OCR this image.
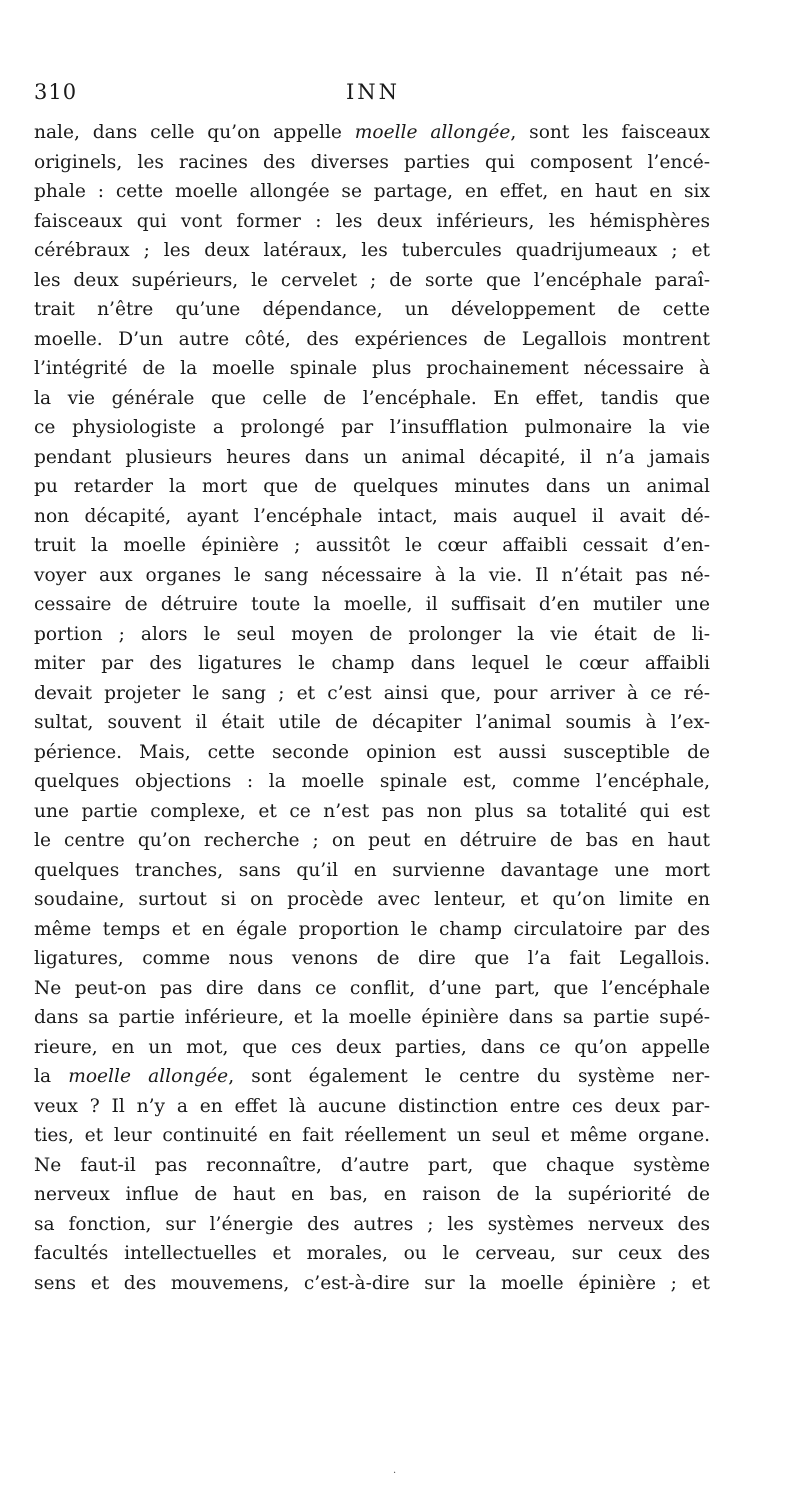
310	INN
nale, dans celle qu’on appelle moelle allongée, sont les faisceaux
originels, les racines des diverses parties qui composent l’encé-
phale : cette moelle allongée se partage, en effet, en haut en six
faisceaux qui vont former : les deux inférieurs, les hémisphères
cérébraux ; les deux latéraux, les tubercules quadrijumeaux ; et
les deux supérieurs, le cervelet ; de sorte que l’encéphale paraî-
trait n’être qu’une dépendance, un développement de cette
moelle. D’un autre côté, des expériences de Legallois montrent
l’intégrité de la moelle spinale plus prochainement nécessaire à
la vie générale que celle de l’encéphale. En effet, tandis que
ce physiologiste a prolongé par l’insufflation pulmonaire la vie
pendant plusieurs heures dans un animal décapité, il n’a jamais
pu retarder la mort que de quelques minutes dans un animal
non décapité, ayant l’encéphale intact, mais auquel il avait dé-
truit la moelle épinière ; aussitôt le cœur affaibli cessait d’en-
voyer aux organes le sang nécessaire à la vie. Il n’était pas né-
cessaire de détruire toute la moelle, il suffisait d’en mutiler une
portion ; alors le seul moyen de prolonger la vie était de li-
miter par des ligatures le champ dans lequel le cœur affaibli
devait projeter le sang ; et c’est ainsi que, pour arriver à ce ré-
sultat, souvent il était utile de décapiter l’animal soumis à l’ex-
périence. Mais, cette seconde opinion est aussi susceptible de
quelques objections : la moelle spinale est, comme l’encéphale,
une partie complexe, et ce n’est pas non plus sa totalité qui est
le centre qu’on recherche ; on peut en détruire de bas en haut
quelques tranches, sans qu’il en survienne davantage une mort
soudaine, surtout si on procède avec lenteur, et qu’on limite en
même temps et en égale proportion le champ circulatoire par des
ligatures, comme nous venons de dire que l’a fait Legallois.
Ne peut-on pas dire dans ce conflit, d’une part, que l’encéphale
dans sa partie inférieure, et la moelle épinière dans sa partie supé-
rieure, en un mot, que ces deux parties, dans ce qu’on appelle
la moelle allongée, sont également le centre du système ner-
veux ? Il n’y a en effet là aucune distinction entre ces deux par-
ties, et leur continuité en fait réellement un seul et même organe.
Ne faut-il pas reconnaître, d’autre part, que chaque système
nerveux influe de haut en bas, en raison de la supériorité de
sa fonction, sur l’énergie des autres ; les systèmes nerveux des
facultés intellectuelles et morales, ou le cerveau, sur ceux des
sens et des mouvemens, c’est-à-dire sur la moelle épinière ; et
·
